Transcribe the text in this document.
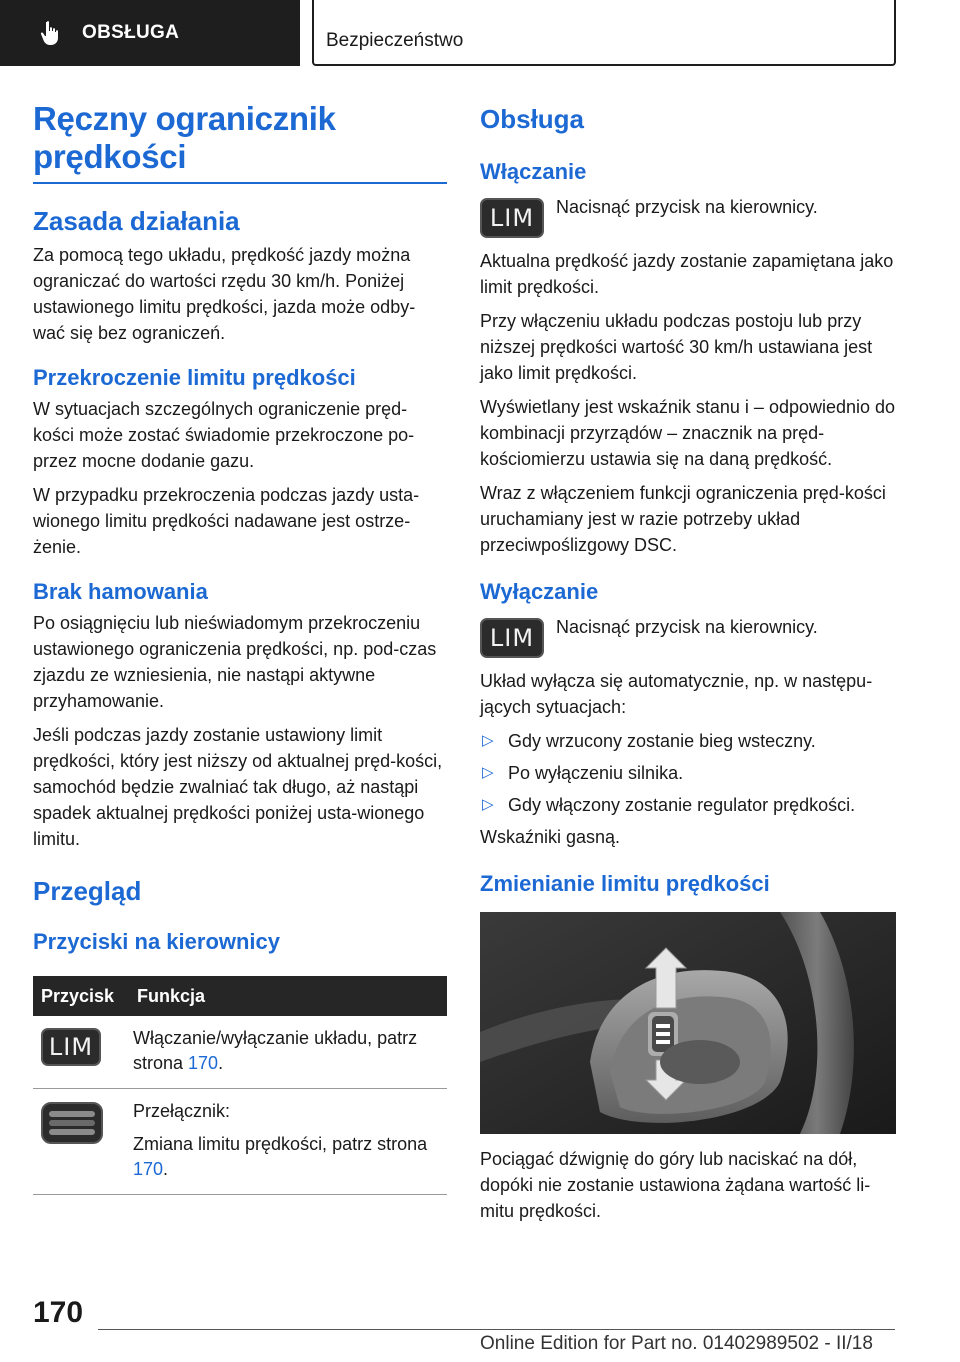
OBSŁUGA	Bezpieczeństwo
Ręczny ogranicznik prędkości
Zasada działania
Za pomocą tego układu, prędkość jazdy można ograniczać do wartości rzędu 30 km/h. Poniżej ustawionego limitu prędkości, jazda może odby-wać się bez ograniczeń.
Przekroczenie limitu prędkości
W sytuacjach szczególnych ograniczenie pręd-kości może zostać świadomie przekroczone po-przez mocne dodanie gazu.
W przypadku przekroczenia podczas jazdy usta-wionego limitu prędkości nadawane jest ostrze-żenie.
Brak hamowania
Po osiągnięciu lub nieświadomym przekroczeniu ustawionego ograniczenia prędkości, np. pod-czas zjazdu ze wzniesienia, nie nastąpi aktywne przyhamowanie.
Jeśli podczas jazdy zostanie ustawiony limit prędkości, który jest niższy od aktualnej pręd-kości, samochód będzie zwalniać tak długo, aż nastąpi spadek aktualnej prędkości poniżej usta-wionego limitu.
Przegląd
Przyciski na kierownicy
Przycisk	Funkcja

LIM	Włączanie/wyłączanie układu, patrz strona 170.

Przełącznik:
Zmiana limitu prędkości, patrz strona 170.
Obsługa
Włączanie
LIM	Nacisnąć przycisk na kierownicy.
Aktualna prędkość jazdy zostanie zapamiętana jako limit prędkości.
Przy włączeniu układu podczas postoju lub przy niższej prędkości wartość 30 km/h ustawiana jest jako limit prędkości.
Wyświetlany jest wskaźnik stanu i – odpowiednio do kombinacji przyrządów – znacznik na pręd-kościomierzu ustawia się na daną prędkość.
Wraz z włączeniem funkcji ograniczenia pręd-kości uruchamiany jest w razie potrzeby układ przeciwpoślizgowy DSC.
Wyłączanie
LIM	Nacisnąć przycisk na kierownicy.
Układ wyłącza się automatycznie, np. w następu-jących sytuacjach:
▷ Gdy wrzucony zostanie bieg wsteczny.
▷ Po wyłączeniu silnika.
▷ Gdy włączony zostanie regulator prędkości.
Wskaźniki gasną.
Zmienianie limitu prędkości
Pociągać dźwignię do góry lub naciskać na dół, dopóki nie zostanie ustawiona żądana wartość li-mitu prędkości.
170
Online Edition for Part no. 01402989502 - II/18
